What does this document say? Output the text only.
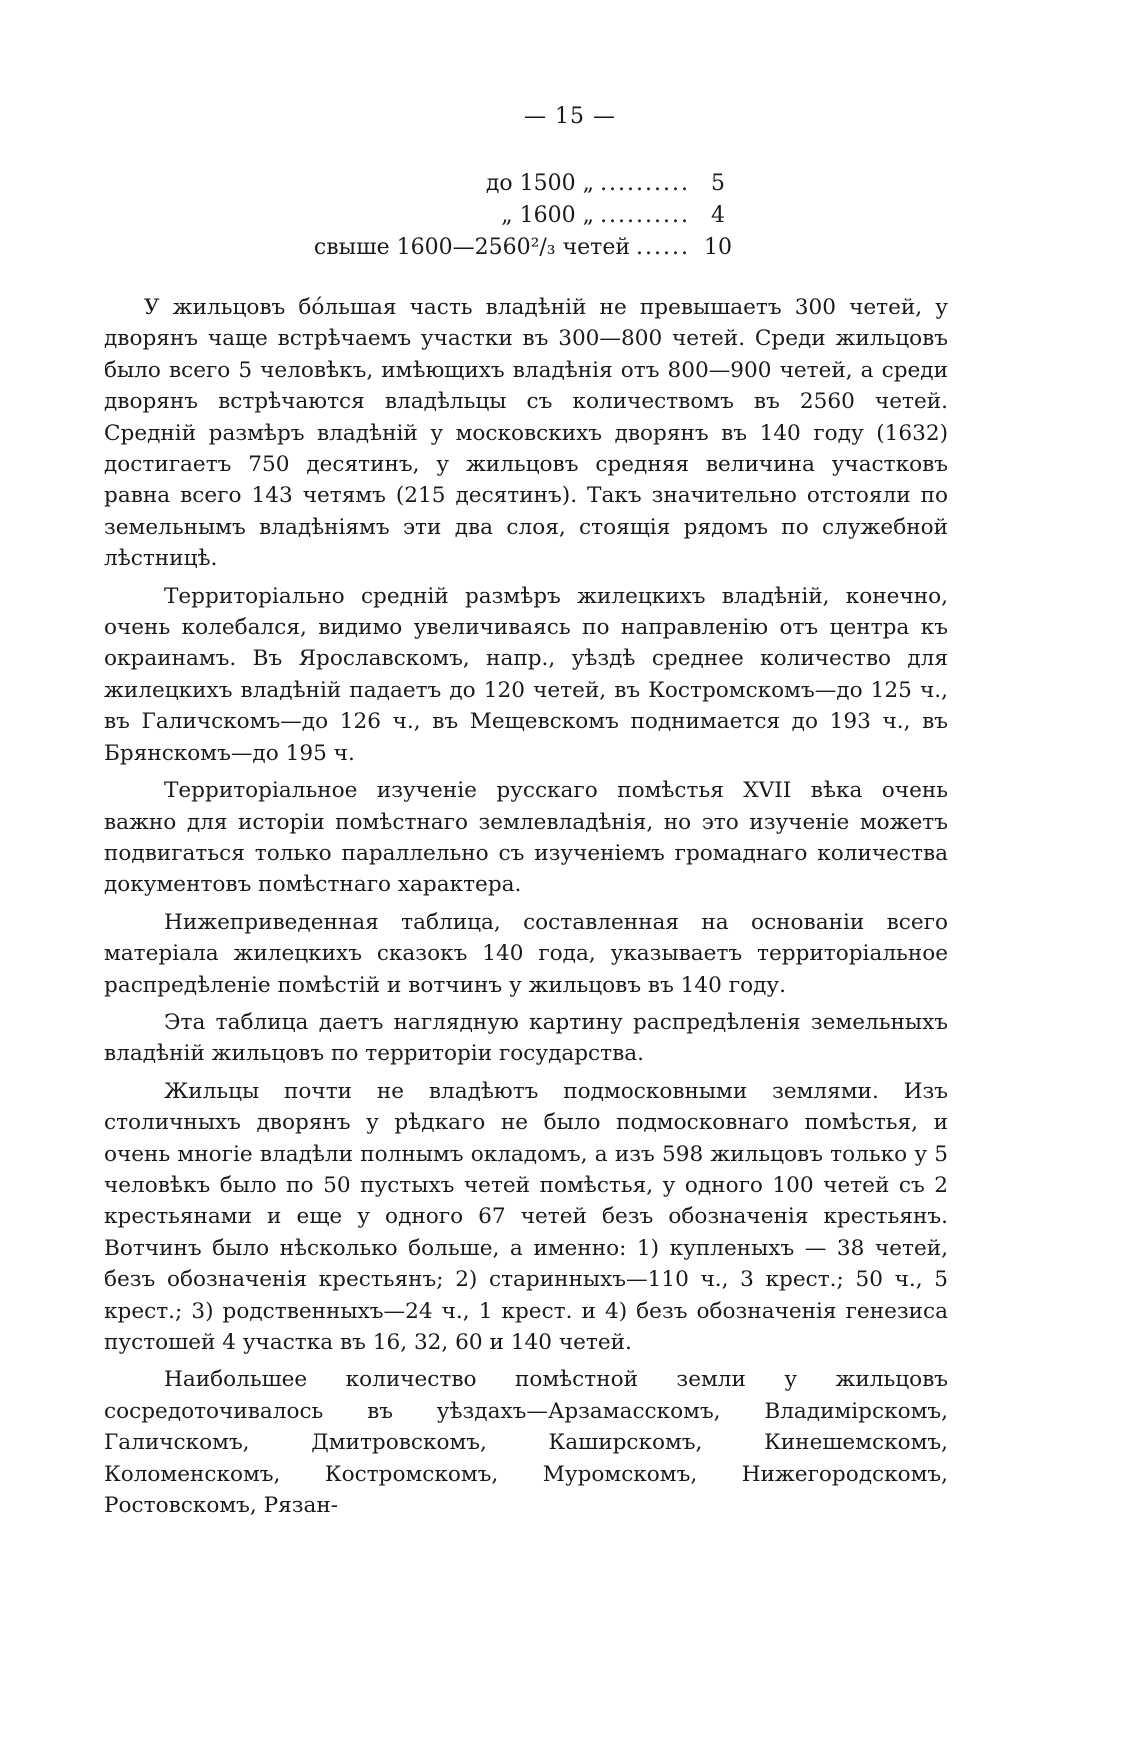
— 15 —
до 1500 „ .......... 5
„ 1600 „ .......... 4
свыше 1600—2560²/₃ четей ...... 10

У жильцовъ бо́льшая часть владѣній не превышаетъ 300 четей, у дворянъ чаще встрѣчаемъ участки въ 300—800 четей. Среди жильцовъ было всего 5 человѣкъ, имѣющихъ владѣнія отъ 800—900 четей, а среди дворянъ встрѣчаются владѣльцы съ количествомъ въ 2560 четей. Средній размѣръ владѣній у московскихъ дворянъ въ 140 году (1632) достигаетъ 750 десятинъ, у жильцовъ средняя величина участковъ равна всего 143 четямъ (215 десятинъ). Такъ значительно отстояли по земельнымъ владѣніямъ эти два слоя, стоящія рядомъ по служебной лѣстницѣ.

Территоріально средній размѣръ жилецкихъ владѣній, конечно, очень колебался, видимо увеличиваясь по направленію отъ центра къ окраинамъ. Въ Ярославскомъ, напр., уѣздѣ среднее количество для жилецкихъ владѣній падаетъ до 120 четей, въ Костромскомъ—до 125 ч., въ Галичскомъ—до 126 ч., въ Мещевскомъ поднимается до 193 ч., въ Брянскомъ—до 195 ч.

Территоріальное изученіе русскаго помѣстья XVII вѣка очень важно для исторіи помѣстнаго землевладѣнія, но это изученіе можетъ подвигаться только параллельно съ изученіемъ громаднаго количества документовъ помѣстнаго характера.

Нижеприведенная таблица, составленная на основаніи всего матеріала жилецкихъ сказокъ 140 года, указываетъ территоріальное распредѣленіе помѣстій и вотчинъ у жильцовъ въ 140 году.

Эта таблица даетъ наглядную картину распредѣленія земельныхъ владѣній жильцовъ по территоріи государства.

Жильцы почти не владѣютъ подмосковными землями. Изъ столичныхъ дворянъ у рѣдкаго не было подмосковнаго помѣстья, и очень многіе владѣли полнымъ окладомъ, а изъ 598 жильцовъ только у 5 человѣкъ было по 50 пустыхъ четей помѣстья, у одного 100 четей съ 2 крестьянами и еще у одного 67 четей безъ обозначенія крестьянъ. Вотчинъ было нѣсколько больше, а именно: 1) купленыхъ — 38 четей, безъ обозначенія крестьянъ; 2) старинныхъ—110 ч., 3 крест.; 50 ч., 5 крест.; 3) родственныхъ—24 ч., 1 крест. и 4) безъ обозначенія генезиса пустошей 4 участка въ 16, 32, 60 и 140 четей.

Наибольшее количество помѣстной земли у жильцовъ сосредоточивалось въ уѣздахъ—Арзамасскомъ, Владимірскомъ, Галичскомъ, Дмитровскомъ, Каширскомъ, Кинешемскомъ, Коломенскомъ, Костромскомъ, Муромскомъ, Нижегородскомъ, Ростовскомъ, Рязан-
